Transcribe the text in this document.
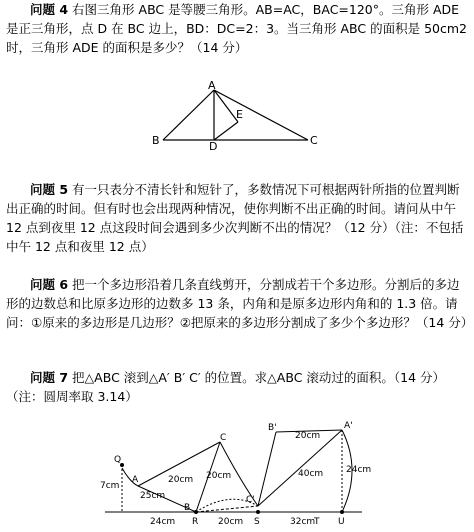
问题 4 右图三角形 ABC 是等腰三角形。AB=AC，BAC=120°。三角形 ADE 是正三角形，点 D 在 BC 边上，BD：DC=2：3。当三角形 ABC 的面积是 50cm2时，三角形 ADE 的面积是多少？（14 分）
A
B	C
D
E
问题 5 有一只表分不清长针和短针了，多数情况下可根据两针所指的位置判断出正确的时间。但有时也会出现两种情况，使你判断不出正确的时间。请问从中午 12 点到夜里 12 点这段时间会遇到多少次判断不出的情况？（12 分）（注：不包括中午 12 点和夜里 12 点）
问题 6 把一个多边形沿着几条直线剪开，分割成若干个多边形。分割后的多边形的边数总和比原多边形的边数多 13 条，内角和是原多边形内角和的 1.3 倍。请问：①原来的多边形是几边形？②把原来的多边形分割成了多少个多边形？（14 分）
问题 7 把△ABC 滚到△A′ B′ C′ 的位置。求△ABC 滚动过的面积。（14 分）（注：圆周率取 3.14）
Q
A
C
B
R	S	T U
B'	A'
C'
7cm
25cm
20cm 20cm
24cm	20cm
20cm
40cm	24cm
32cm
